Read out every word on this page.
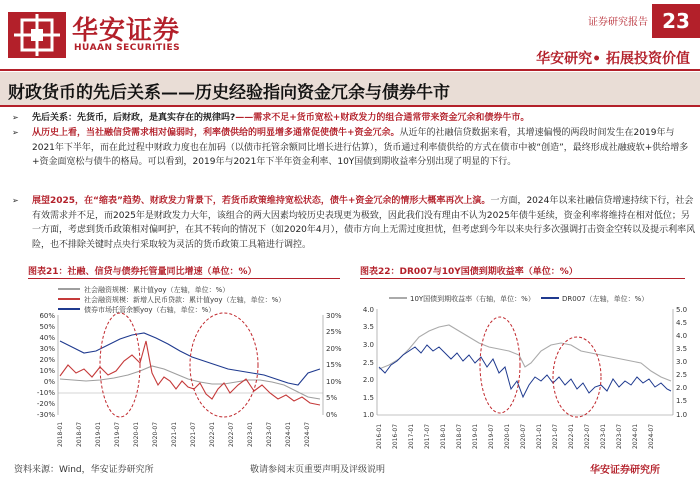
华安证券
HUAAN SECURITIES
证券研究报告 23
华安研究• 拓展投资价值
财政货币的先后关系——历史经验指向资金冗余与债券牛市
➢ 先后关系：先货币，后财政，是真实存在的规律吗?——需求不足+货币宽松+财政发力的组合通常带来资金冗余和债券牛市。
➢ 从历史上看，当社融信贷需求相对偏弱时，利率债供给的明显增多通常促使债牛+资金冗余。从近年的社融信贷数据来看，其增速偏慢的两段时间发生在2019年与2021年下半年，而在此过程中财政力度也在加码（以债市托管余额同比增长进行估算），货币通过利率债供给的方式在债市中被“创造”，最终形成社融疲软+供给增多+资金面宽松与债牛的格局。可以看到，2019年与2021年下半年资金利率、10Y国债到期收益率分别出现了明显的下行。
➢ 展望2025，在“缩表”趋势、财政发力背景下，若货币政策维持宽松状态，债牛+资金冗余的情形大概率再次上演。一方面，2024年以来社融信贷增速持续下行，社会有效需求并不足，而2025年是财政发力大年，该组合的两大因素均较历史表现更为极致，因此我们没有理由不认为2025年债牛延续，资金利率将维持在相对低位；另一方面，考虑到货币政策相对偏呵护，在其不转向的情况下（如2020年4月），债市方向上无需过度担忧，但考虑到今年以来央行多次强调打击资金空转以及提示利率风险，也不排除关键时点央行采取较为灵活的货币政策工具箱进行调控。
图表21：社融、信贷与债券托管量同比增速（单位：%）	图表22：DR007与10Y国债到期收益率（单位：%）
社会融资规模：累计值yoy（左轴，单位：%）
社会融资规模：新增人民币贷款：累计值yoy（左轴，单位：%）
债券市场托管余额yoy（右轴，单位：%）
60%
50%
40%
30%
20%
10%
0%
-10%
-20%
-30%
30%
25%
20%
15%
10%
5%
0%
2018-01 2018-07 2019-01 2019-07 2020-01 2020-07 2021-01 2021-07 2022-01 2022-07 2023-01 2023-07 2024-01 2024-07
10Y国债到期收益率（右轴，单位：%）	DR007（左轴，单位：%）
4.0
3.5
3.0
2.5
2.0
1.5
1.0
5.0
4.5
4.0
3.5
3.0
2.5
2.0
1.5
1.0
2016-01 2016-07 2017-01 2017-07 2018-01 2018-07 2019-01 2019-07 2020-01 2020-07 2021-01 2021-07 2022-01 2022-07 2023-01 2023-07 2024-01 2024-07
资料来源：Wind，华安证券研究所	敬请参阅末页重要声明及评级说明	华安证券研究所
